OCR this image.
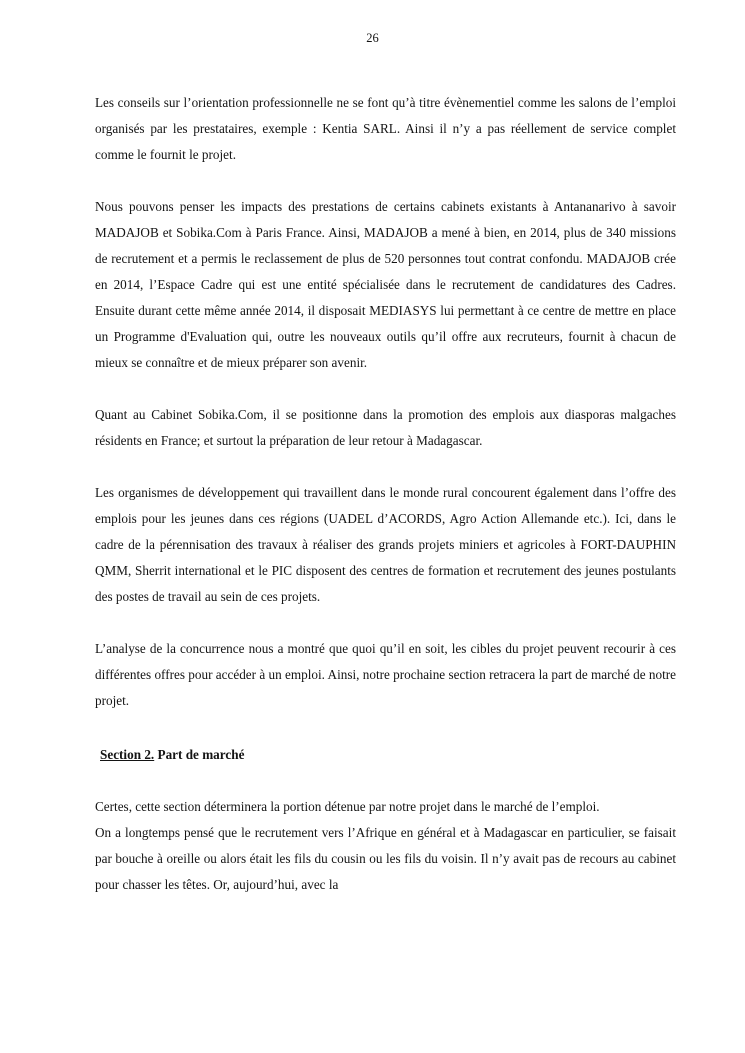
26

Les conseils sur l’orientation professionnelle ne se font qu’à titre évènementiel comme les salons de l’emploi organisés par les prestataires, exemple : Kentia SARL. Ainsi il n’y a pas réellement de service complet comme le fournit le projet.

Nous pouvons penser les impacts des prestations de certains cabinets existants à Antananarivo à savoir MADAJOB et Sobika.Com à Paris France. Ainsi, MADAJOB a mené à bien, en 2014, plus de 340 missions de recrutement et a permis le reclassement de plus de 520 personnes tout contrat confondu. MADAJOB crée en 2014, l’Espace Cadre qui est une entité spécialisée dans le recrutement de candidatures des Cadres. Ensuite durant cette même année 2014, il disposait MEDIASYS lui permettant à ce centre de mettre en place un Programme d'Evaluation qui, outre les nouveaux outils qu’il offre aux recruteurs, fournit à chacun de mieux se connaître et de mieux préparer son avenir.

Quant au Cabinet Sobika.Com, il se positionne dans la promotion des emplois aux diasporas malgaches résidents en France; et surtout la préparation de leur retour à Madagascar.

Les organismes de développement qui travaillent dans le monde rural concourent également dans l’offre des emplois pour les jeunes dans ces régions (UADEL d’ACORDS, Agro Action Allemande etc.). Ici, dans le cadre de la pérennisation des travaux à réaliser des grands projets miniers et agricoles à FORT-DAUPHIN QMM, Sherrit international et le PIC disposent des centres de formation et recrutement des jeunes postulants des postes de travail au sein de ces projets.

L’analyse de la concurrence nous a montré que quoi qu’il en soit, les cibles du projet peuvent recourir à ces différentes offres pour accéder à un emploi. Ainsi, notre prochaine section retracera la part de marché de notre projet.

Section 2. Part de marché

Certes, cette section déterminera la portion détenue par notre projet dans le marché de l’emploi.

On a longtemps pensé que le recrutement vers l’Afrique en général et à Madagascar en particulier, se faisait par bouche à oreille ou alors était les fils du cousin ou les fils du voisin. Il n’y avait pas de recours au cabinet pour chasser les têtes. Or, aujourd’hui, avec la
